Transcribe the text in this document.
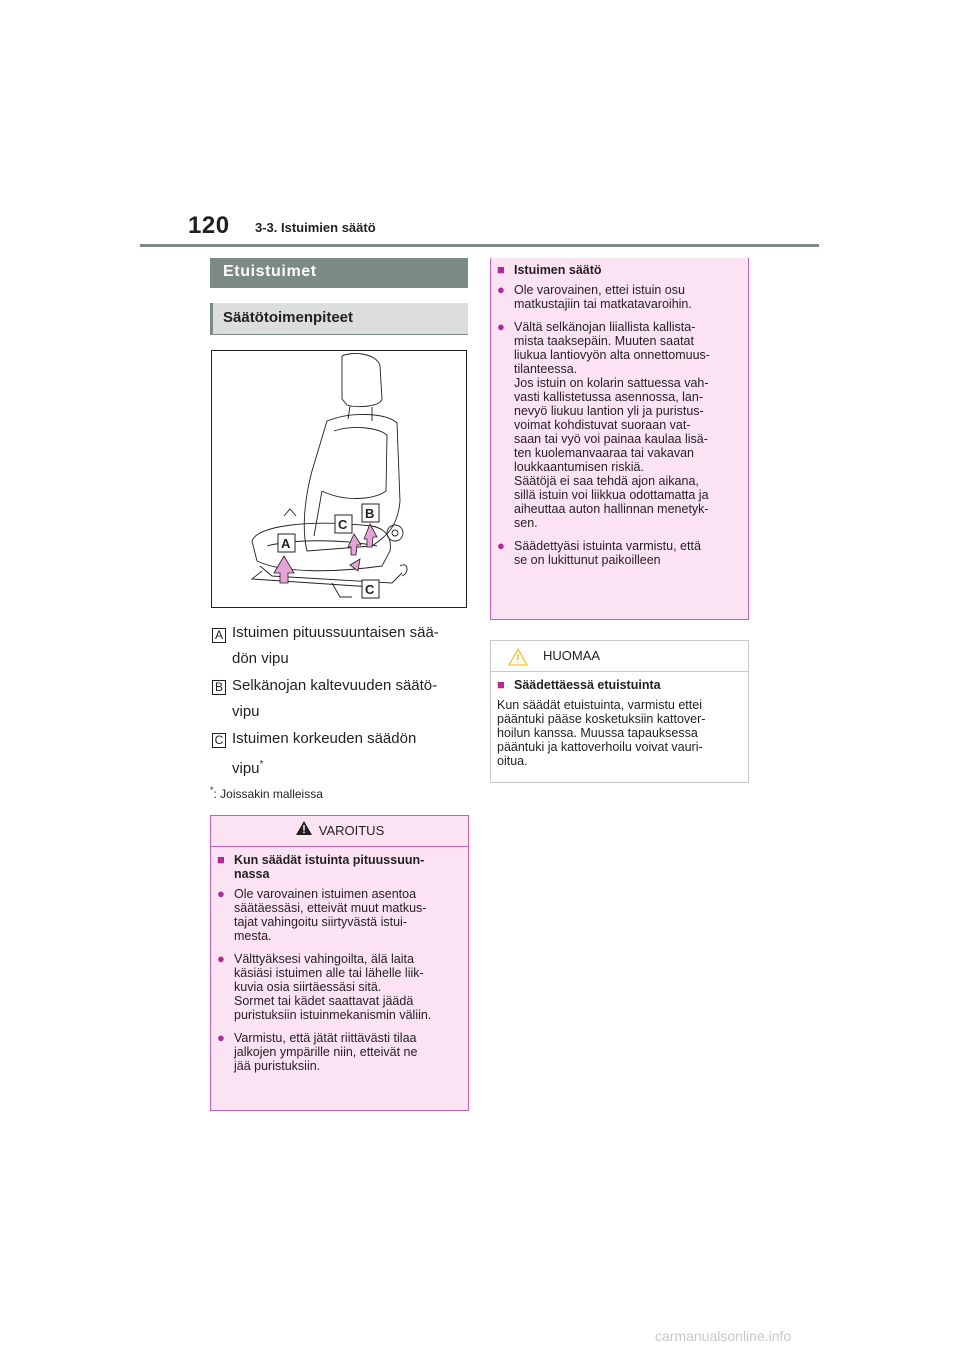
120 3-3. Istuimien säätö
Etuistuimet
Säätötoimenpiteet
A
B
C
C
A Istuimen pituussuuntaisen sää-
dön vipu
B Selkänojan kaltevuuden säätö-
vipu
C Istuimen korkeuden säädön
vipu*
*: Joissakin malleissa
VAROITUS
■ Kun säädät istuinta pituussuun-
nassa
● Ole varovainen istuimen asentoa
säätäessäsi, etteivät muut matkus-
tajat vahingoitu siirtyvästä istui-
mesta.
● Välttyäksesi vahingoilta, älä laita
käsiäsi istuimen alle tai lähelle liik-
kuvia osia siirtäessäsi sitä.
Sormet tai kädet saattavat jäädä
puristuksiin istuinmekanismin väliin.
● Varmistu, että jätät riittävästi tilaa
jalkojen ympärille niin, etteivät ne
jää puristuksiin.
■ Istuimen säätö
● Ole varovainen, ettei istuin osu
matkustajiin tai matkatavaroihin.
● Vältä selkänojan liiallista kallista-
mista taaksepäin. Muuten saatat
liukua lantiovyön alta onnettomuus-
tilanteessa.
Jos istuin on kolarin sattuessa vah-
vasti kallistetussa asennossa, lan-
nevyö liukuu lantion yli ja puristus-
voimat kohdistuvat suoraan vat-
saan tai vyö voi painaa kaulaa lisä-
ten kuolemanvaaraa tai vakavan
loukkaantumisen riskiä.
Säätöjä ei saa tehdä ajon aikana,
sillä istuin voi liikkua odottamatta ja
aiheuttaa auton hallinnan menetyk-
sen.
● Säädettyäsi istuinta varmistu, että
se on lukittunut paikoilleen
HUOMAA
■ Säädettäessä etuistuinta
Kun säädät etuistuinta, varmistu ettei
pääntuki pääse kosketuksiin kattover-
hoilun kanssa. Muussa tapauksessa
pääntuki ja kattoverhoilu voivat vauri-
oitua.
carmanualsonline.info
